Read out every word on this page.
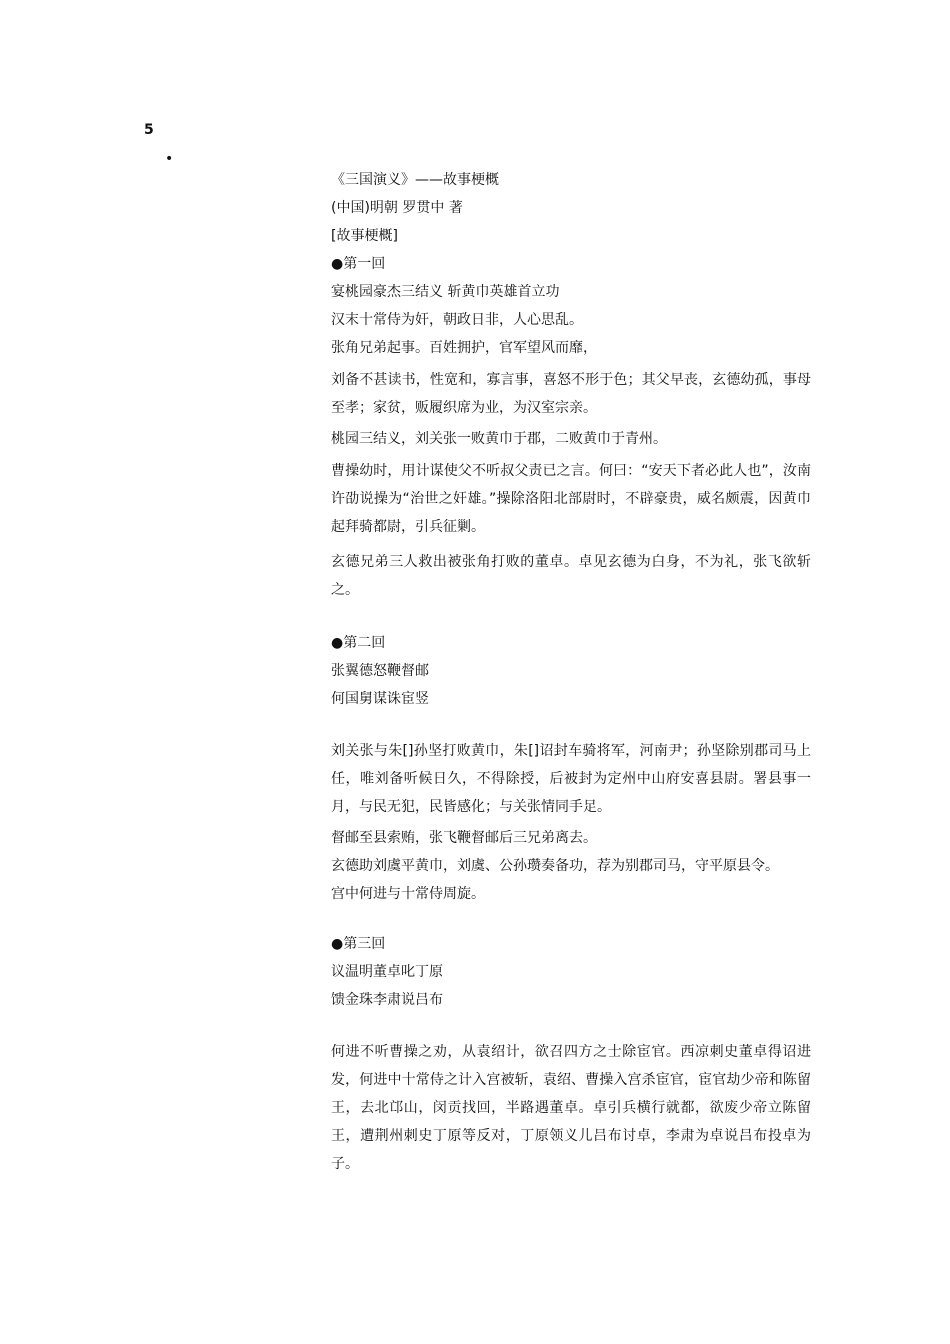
5
•
《三国演义》——故事梗概
(中国)明朝 罗贯中 著
[故事梗概]
●第一回
宴桃园豪杰三结义 斩黄巾英雄首立功
汉末十常侍为奸，朝政日非，人心思乱。
张角兄弟起事。百姓拥护，官军望风而靡，
刘备不甚读书，性宽和，寡言事，喜怒不形于色；其父早丧，玄德幼孤，事母至孝；家贫，贩履织席为业，为汉室宗亲。
桃园三结义，刘关张一败黄巾于郡，二败黄巾于青州。
曹操幼时，用计谋使父不听叔父责已之言。何曰：“安天下者必此人也”，汝南许劭说操为“治世之奸雄。”操除洛阳北部尉时，不辟豪贵，威名颇震，因黄巾起拜骑都尉，引兵征剿。
玄德兄弟三人救出被张角打败的董卓。卓见玄德为白身，不为礼，张飞欲斩之。
●第二回
张翼德怒鞭督邮
何国舅谋诛宦竖
刘关张与朱[]孙坚打败黄巾，朱[]诏封车骑将军，河南尹；孙坚除别郡司马上任，唯刘备听候日久，不得除授，后被封为定州中山府安喜县尉。署县事一月，与民无犯，民皆感化；与关张情同手足。
督邮至县索贿，张飞鞭督邮后三兄弟离去。
玄德助刘虞平黄巾，刘虞、公孙瓒奏备功，荐为别郡司马，守平原县令。
宫中何进与十常侍周旋。
●第三回
议温明董卓叱丁原
馈金珠李肃说吕布
何进不听曹操之劝，从袁绍计，欲召四方之士除宦官。西凉刺史董卓得诏进发，何进中十常侍之计入宫被斩，袁绍、曹操入宫杀宦官，宦官劫少帝和陈留王，去北邙山，闵贡找回，半路遇董卓。卓引兵横行就都，欲废少帝立陈留王，遭荆州刺史丁原等反对，丁原领义儿吕布讨卓，李肃为卓说吕布投卓为子。
